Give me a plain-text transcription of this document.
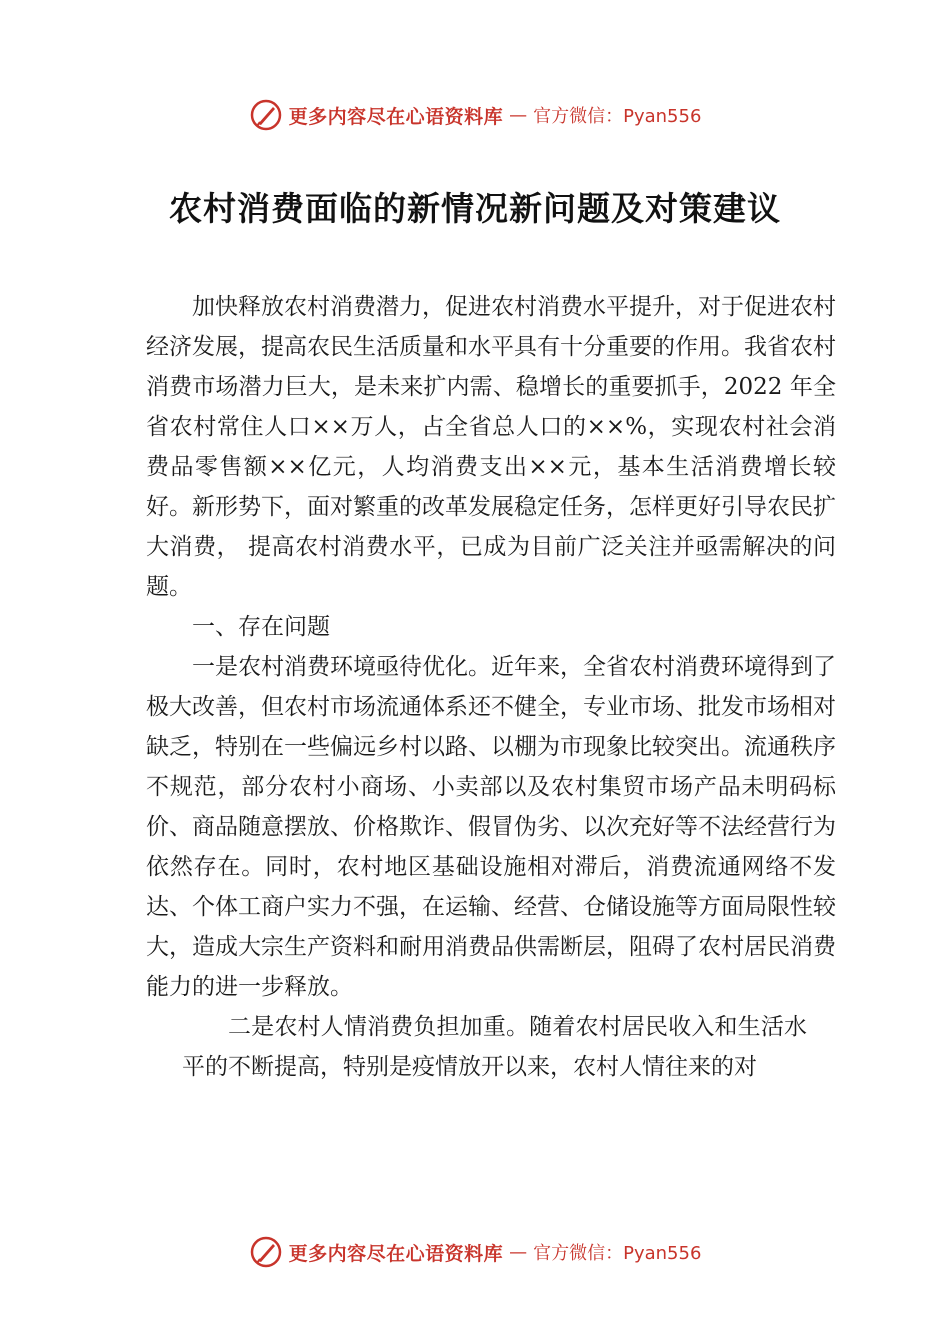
更多内容尽在心语资料库 — 官方微信：Pyan556
农村消费面临的新情况新问题及对策建议

加快释放农村消费潜力，促进农村消费水平提升，对于促进农村经济发展，提高农民生活质量和水平具有十分重要的作用。我省农村消费市场潜力巨大，是未来扩内需、稳增长的重要抓手，2022 年全省农村常住人口××万人，占全省总人口的××%，实现农村社会消费品零售额××亿元，人均消费支出××元，基本生活消费增长较好。新形势下，面对繁重的改革发展稳定任务，怎样更好引导农民扩大消费， 提高农村消费水平，已成为目前广泛关注并亟需解决的问题。

一、存在问题

一是农村消费环境亟待优化。近年来，全省农村消费环境得到了极大改善，但农村市场流通体系还不健全，专业市场、批发市场相对缺乏，特别在一些偏远乡村以路、以棚为市现象比较突出。流通秩序不规范，部分农村小商场、小卖部以及农村集贸市场产品未明码标价、商品随意摆放、价格欺诈、假冒伪劣、以次充好等不法经营行为依然存在。同时，农村地区基础设施相对滞后，消费流通网络不发达、个体工商户实力不强，在运输、经营、仓储设施等方面局限性较大，造成大宗生产资料和耐用消费品供需断层，阻碍了农村居民消费能力的进一步释放。

二是农村人情消费负担加重。随着农村居民收入和生活水平的不断提高，特别是疫情放开以来，农村人情往来的对

更多内容尽在心语资料库 — 官方微信：Pyan556
